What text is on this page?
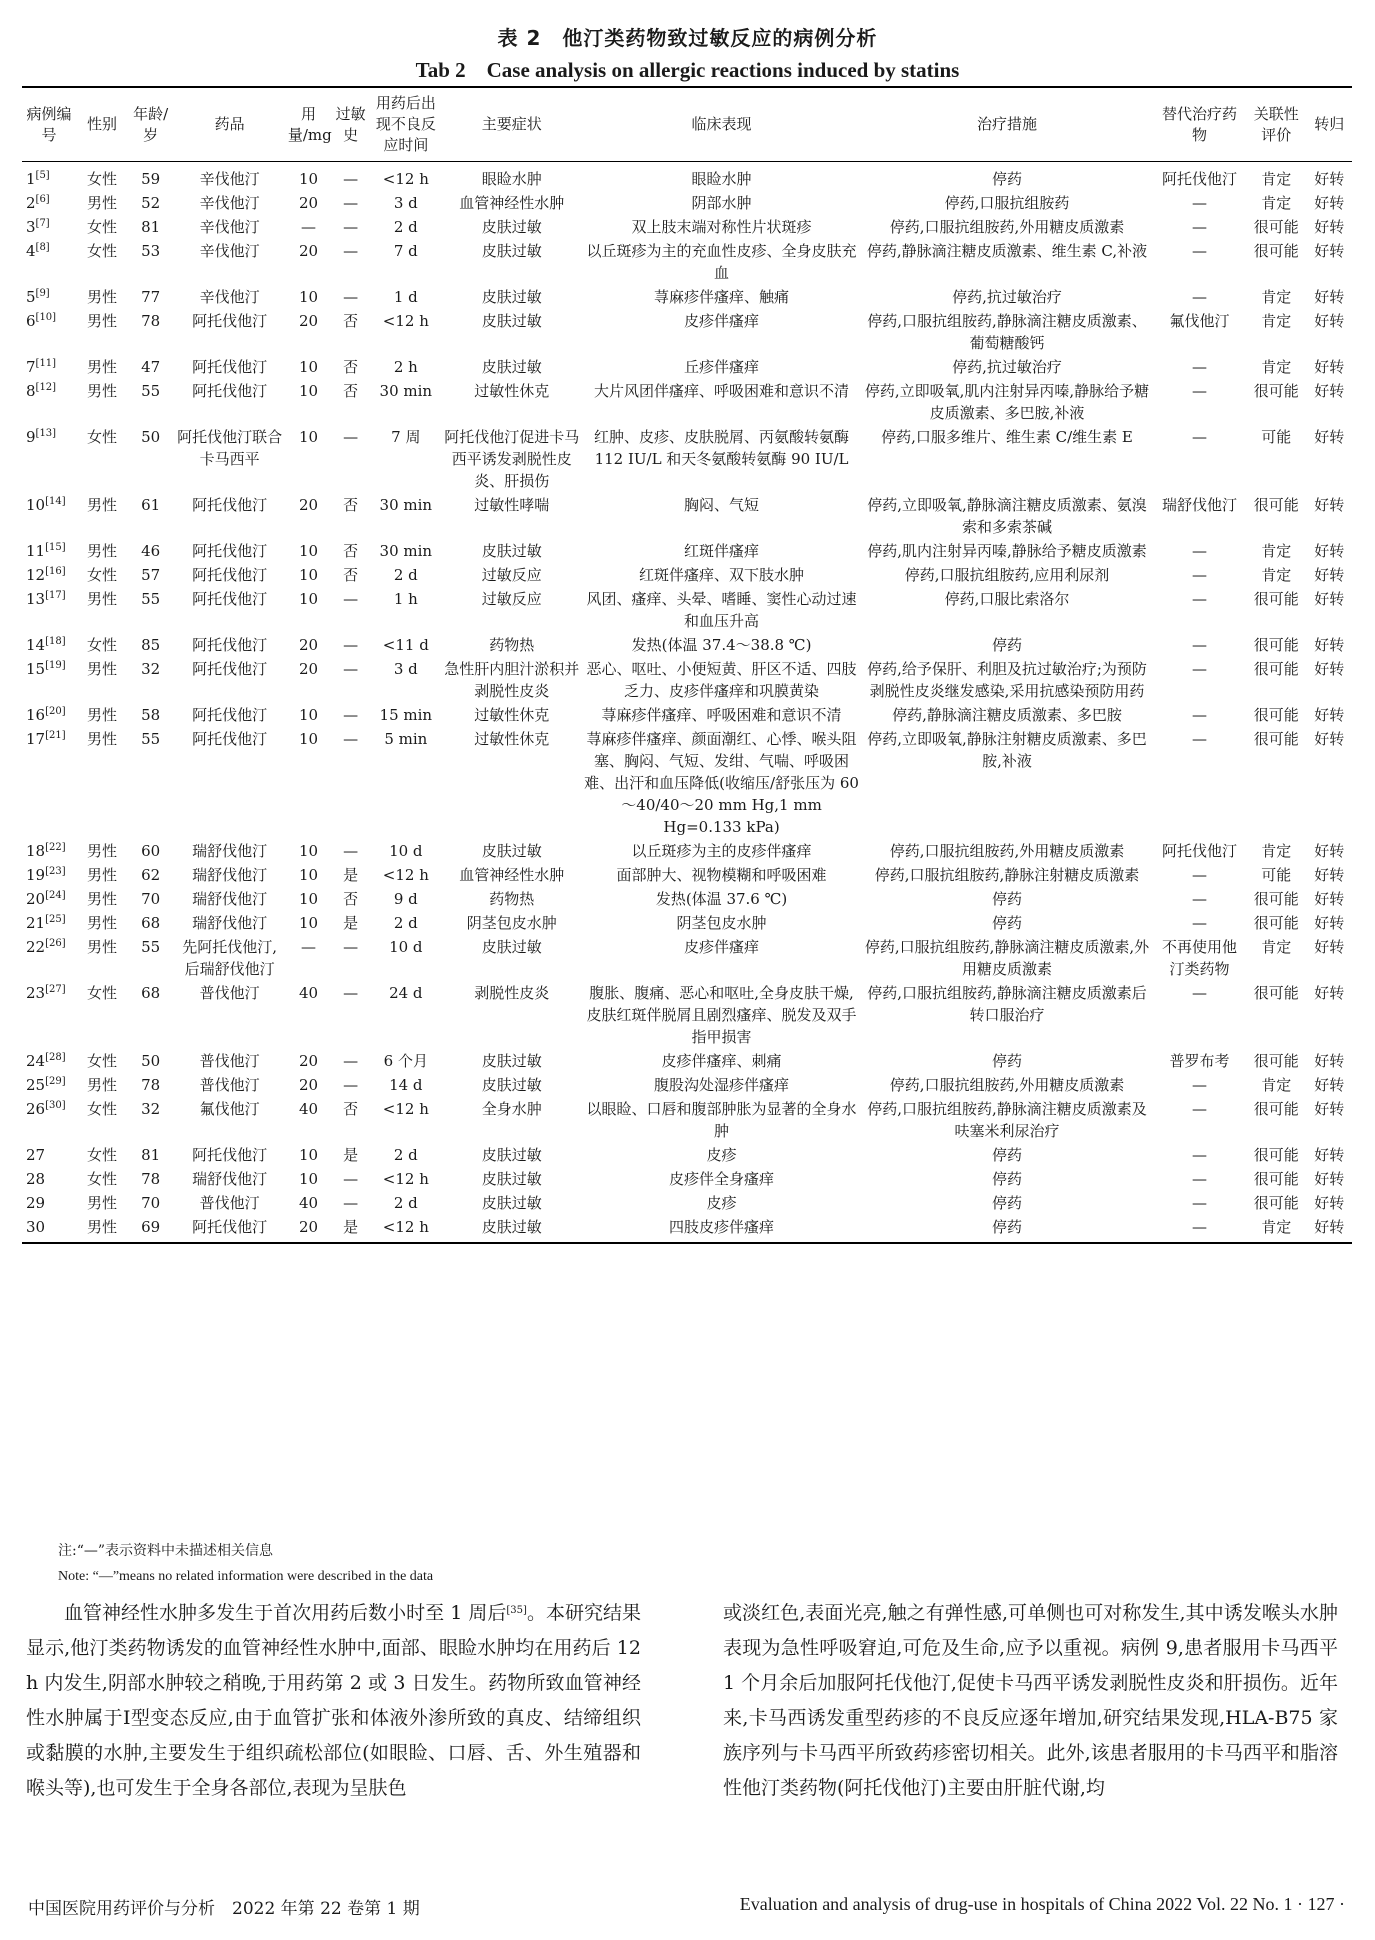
表 2　他汀类药物致过敏反应的病例分析
Tab 2　Case analysis on allergic reactions induced by statins
病例编号	性别	年龄/岁	药品	用量/mg	过敏史	用药后出现不良反应时间	主要症状	临床表现	治疗措施	替代治疗药物	关联性评价	转归
1[5]	女性	59	辛伐他汀	10	—	<12 h	眼睑水肿	眼睑水肿	停药	阿托伐他汀	肯定	好转
2[6]	男性	52	辛伐他汀	20	—	3 d	血管神经性水肿	阴部水肿	停药,口服抗组胺药	—	肯定	好转
3[7]	女性	81	辛伐他汀	—	—	2 d	皮肤过敏	双上肢末端对称性片状斑疹	停药,口服抗组胺药,外用糖皮质激素	—	很可能	好转
4[8]	女性	53	辛伐他汀	20	—	7 d	皮肤过敏	以丘斑疹为主的充血性皮疹、全身皮肤充血	停药,静脉滴注糖皮质激素、维生素 C,补液	—	很可能	好转
5[9]	男性	77	辛伐他汀	10	—	1 d	皮肤过敏	荨麻疹伴瘙痒、触痛	停药,抗过敏治疗	—	肯定	好转
6[10]	男性	78	阿托伐他汀	20	否	<12 h	皮肤过敏	皮疹伴瘙痒	停药,口服抗组胺药,静脉滴注糖皮质激素、葡萄糖酸钙	氟伐他汀	肯定	好转
7[11]	男性	47	阿托伐他汀	10	否	2 h	皮肤过敏	丘疹伴瘙痒	停药,抗过敏治疗	—	肯定	好转
8[12]	男性	55	阿托伐他汀	10	否	30 min	过敏性休克	大片风团伴瘙痒、呼吸困难和意识不清	停药,立即吸氧,肌内注射异丙嗪,静脉给予糖皮质激素、多巴胺,补液	—	很可能	好转
9[13]	女性	50	阿托伐他汀联合卡马西平	10	—	7 周	阿托伐他汀促进卡马西平诱发剥脱性皮炎、肝损伤	红肿、皮疹、皮肤脱屑、丙氨酸转氨酶 112 IU/L 和天冬氨酸转氨酶 90 IU/L	停药,口服多维片、维生素 C/维生素 E	—	可能	好转
10[14]	男性	61	阿托伐他汀	20	否	30 min	过敏性哮喘	胸闷、气短	停药,立即吸氧,静脉滴注糖皮质激素、氨溴索和多索茶碱	瑞舒伐他汀	很可能	好转
11[15]	男性	46	阿托伐他汀	10	否	30 min	皮肤过敏	红斑伴瘙痒	停药,肌内注射异丙嗪,静脉给予糖皮质激素	—	肯定	好转
12[16]	女性	57	阿托伐他汀	10	否	2 d	过敏反应	红斑伴瘙痒、双下肢水肿	停药,口服抗组胺药,应用利尿剂	—	肯定	好转
13[17]	男性	55	阿托伐他汀	10	—	1 h	过敏反应	风团、瘙痒、头晕、嗜睡、窦性心动过速和血压升高	停药,口服比索洛尔	—	很可能	好转
14[18]	女性	85	阿托伐他汀	20	—	<11 d	药物热	发热(体温 37.4～38.8 ℃)	停药	—	很可能	好转
15[19]	男性	32	阿托伐他汀	20	—	3 d	急性肝内胆汁淤积并剥脱性皮炎	恶心、呕吐、小便短黄、肝区不适、四肢乏力、皮疹伴瘙痒和巩膜黄染	停药,给予保肝、利胆及抗过敏治疗;为预防剥脱性皮炎继发感染,采用抗感染预防用药	—	很可能	好转
16[20]	男性	58	阿托伐他汀	10	—	15 min	过敏性休克	荨麻疹伴瘙痒、呼吸困难和意识不清	停药,静脉滴注糖皮质激素、多巴胺	—	很可能	好转
17[21]	男性	55	阿托伐他汀	10	—	5 min	过敏性休克	荨麻疹伴瘙痒、颜面潮红、心悸、喉头阻塞、胸闷、气短、发绀、气喘、呼吸困难、出汗和血压降低(收缩压/舒张压为 60～40/40～20 mm Hg,1 mm Hg=0.133 kPa)	停药,立即吸氧,静脉注射糖皮质激素、多巴胺,补液	—	很可能	好转
18[22]	男性	60	瑞舒伐他汀	10	—	10 d	皮肤过敏	以丘斑疹为主的皮疹伴瘙痒	停药,口服抗组胺药,外用糖皮质激素	阿托伐他汀	肯定	好转
19[23]	男性	62	瑞舒伐他汀	10	是	<12 h	血管神经性水肿	面部肿大、视物模糊和呼吸困难	停药,口服抗组胺药,静脉注射糖皮质激素	—	可能	好转
20[24]	男性	70	瑞舒伐他汀	10	否	9 d	药物热	发热(体温 37.6 ℃)	停药	—	很可能	好转
21[25]	男性	68	瑞舒伐他汀	10	是	2 d	阴茎包皮水肿	阴茎包皮水肿	停药	—	很可能	好转
22[26]	男性	55	先阿托伐他汀,后瑞舒伐他汀	—	—	10 d	皮肤过敏	皮疹伴瘙痒	停药,口服抗组胺药,静脉滴注糖皮质激素,外用糖皮质激素	不再使用他汀类药物	肯定	好转
23[27]	女性	68	普伐他汀	40	—	24 d	剥脱性皮炎	腹胀、腹痛、恶心和呕吐,全身皮肤干燥,皮肤红斑伴脱屑且剧烈瘙痒、脱发及双手指甲损害	停药,口服抗组胺药,静脉滴注糖皮质激素后转口服治疗	—	很可能	好转
24[28]	女性	50	普伐他汀	20	—	6 个月	皮肤过敏	皮疹伴瘙痒、刺痛	停药	普罗布考	很可能	好转
25[29]	男性	78	普伐他汀	20	—	14 d	皮肤过敏	腹股沟处湿疹伴瘙痒	停药,口服抗组胺药,外用糖皮质激素	—	肯定	好转
26[30]	女性	32	氟伐他汀	40	否	<12 h	全身水肿	以眼睑、口唇和腹部肿胀为显著的全身水肿	停药,口服抗组胺药,静脉滴注糖皮质激素及呋塞米利尿治疗	—	很可能	好转
27	女性	81	阿托伐他汀	10	是	2 d	皮肤过敏	皮疹	停药	—	很可能	好转
28	女性	78	瑞舒伐他汀	10	—	<12 h	皮肤过敏	皮疹伴全身瘙痒	停药	—	很可能	好转
29	男性	70	普伐他汀	40	—	2 d	皮肤过敏	皮疹	停药	—	很可能	好转
30	男性	69	阿托伐他汀	20	是	<12 h	皮肤过敏	四肢皮疹伴瘙痒	停药	—	肯定	好转
注:“—”表示资料中未描述相关信息
Note: “—”means no related information were described in the data

血管神经性水肿多发生于首次用药后数小时至 1 周后[35]。本研究结果显示,他汀类药物诱发的血管神经性水肿中,面部、眼睑水肿均在用药后 12 h 内发生,阴部水肿较之稍晚,于用药第 2 或 3 日发生。药物所致血管神经性水肿属于Ⅰ型变态反应,由于血管扩张和体液外渗所致的真皮、结缔组织或黏膜的水肿,主要发生于组织疏松部位(如眼睑、口唇、舌、外生殖器和喉头等),也可发生于全身各部位,表现为呈肤色

或淡红色,表面光亮,触之有弹性感,可单侧也可对称发生,其中诱发喉头水肿表现为急性呼吸窘迫,可危及生命,应予以重视。病例 9,患者服用卡马西平 1 个月余后加服阿托伐他汀,促使卡马西平诱发剥脱性皮炎和肝损伤。近年来,卡马西诱发重型药疹的不良反应逐年增加,研究结果发现,HLA-B75 家族序列与卡马西平所致药疹密切相关。此外,该患者服用的卡马西平和脂溶性他汀类药物(阿托伐他汀)主要由肝脏代谢,均

中国医院用药评价与分析　2022 年第 22 卷第 1 期	Evaluation and analysis of drug-use in hospitals of China 2022 Vol. 22 No. 1 · 127 ·
